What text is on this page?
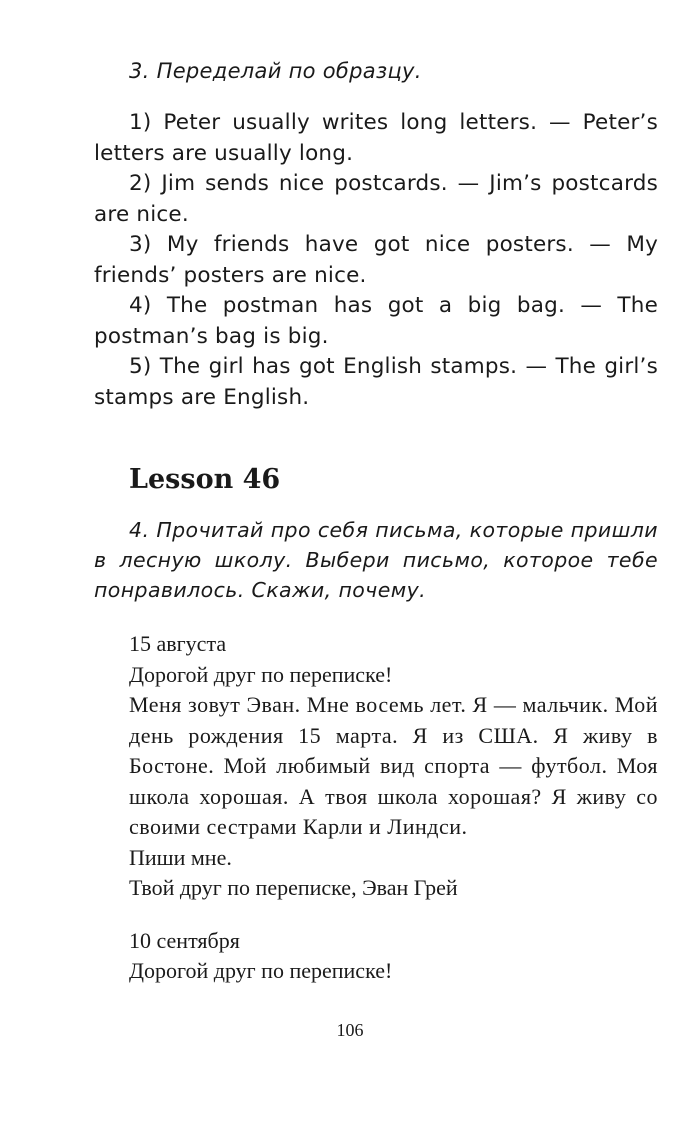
3. Переделай по образцу.

1) Peter usually writes long letters. — Peter’s letters are usually long.

2) Jim sends nice postcards. — Jim’s postcards are nice.

3) My friends have got nice posters. — My friends’ posters are nice.

4) The postman has got a big bag. — The postman’s bag is big.

5) The girl has got English stamps. — The girl’s stamps are English.

Lesson 46

4. Прочитай про себя письма, которые пришли в лесную школу. Выбери письмо, которое тебе понравилось. Скажи, почему.

15 августа

Дорогой друг по переписке!

Меня зовут Эван. Мне восемь лет. Я — мальчик. Мой день рождения 15 марта. Я из США. Я живу в Бостоне. Мой любимый вид спорта — футбол. Моя школа хорошая. А твоя школа хорошая? Я живу со своими сестрами Карли и Линдси.

Пиши мне.

Твой друг по переписке, Эван Грей

10 сентября

Дорогой друг по переписке!

106
